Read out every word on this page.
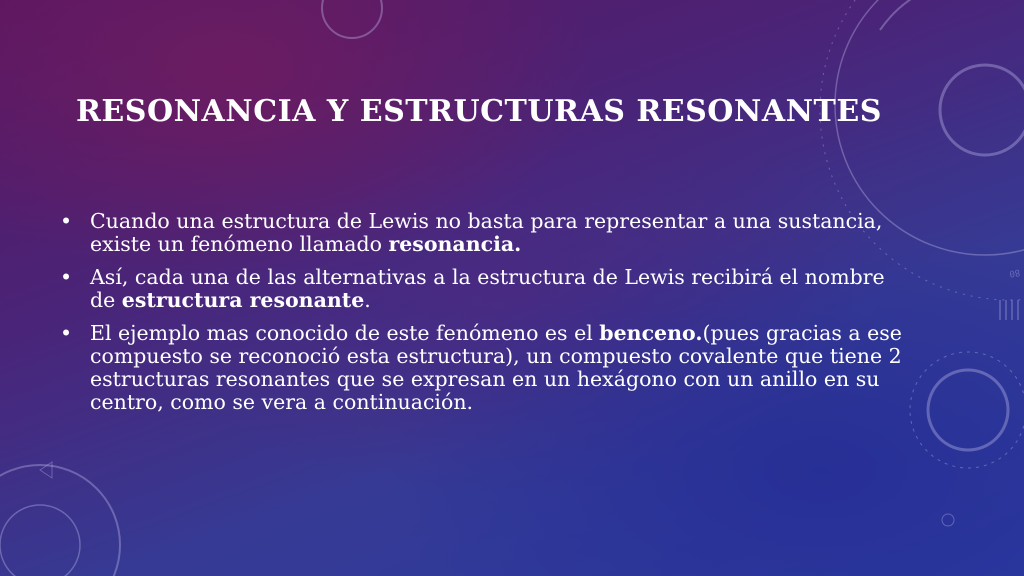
80
RESONANCIA Y ESTRUCTURAS RESONANTES
• Cuando una estructura de Lewis no basta para representar a una sustancia, existe un fenómeno llamado resonancia.
• Así, cada una de las alternativas a la estructura de Lewis recibirá el nombre de estructura resonante.
• El ejemplo mas conocido de este fenómeno es el benceno.(pues gracias a ese compuesto se reconoció esta estructura), un compuesto covalente que tiene 2 estructuras resonantes que se expresan en un hexágono con un anillo en su centro, como se vera a continuación.
